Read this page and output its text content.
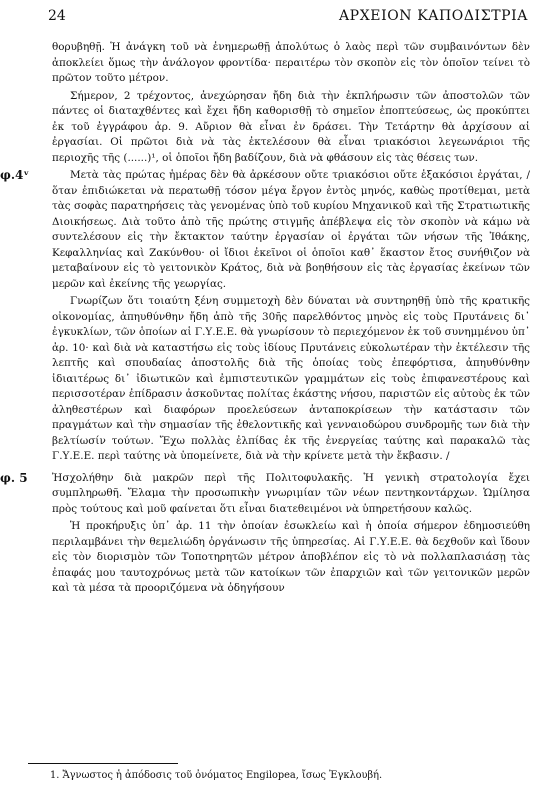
24	ΑΡΧΕΙΟΝ ΚΑΠΟΔΙΣΤΡΙΑ

θορυβηθῇ. Ἡ ἀνάγκη τοῦ νὰ ἐνημερωθῇ ἀπολύτως ὁ λαὸς περὶ τῶν συμβαινόντων δὲν ἀποκλείει ὅμως τὴν ἀνάλογον φροντίδα· περαιτέρω τὸν σκοπὸν εἰς τὸν ὁποῖον τείνει τὸ πρῶτον τοῦτο μέτρον.

Σήμερον, 2 τρέχοντος, ἀνεχώρησαν ἤδη διὰ τὴν ἐκπλήρωσιν τῶν ἀποστολῶν τῶν πάντες οἱ διαταχθέντες καὶ ἔχει ἤδη καθορισθῇ τὸ σημεῖον ἐποπτεύσεως, ὡς προκύπτει ἐκ τοῦ ἐγγράφου ἀρ. 9. Αὔριον θὰ εἶναι ἐν δράσει. Τὴν Τετάρτην θὰ ἀρχίσουν αἱ ἐργασίαι. Οἱ πρῶτοι διὰ νὰ τὰς ἐκτελέσουν θὰ εἶναι τριακόσιοι λεγεωνάριοι τῆς περιοχῆς τῆς (......)¹, οἱ ὁποῖοι ἤδη βαδίζουν, διὰ νὰ φθάσουν εἰς τὰς θέσεις των.

φ.4ᵛ	Μετὰ τὰς πρώτας ἡμέρας δὲν θὰ ἀρκέσουν οὔτε τριακόσιοι οὔτε ἑξακόσιοι ἐργάται, / ὅταν ἐπιδιώκεται νὰ περατωθῇ τόσον μέγα ἔργον ἐντὸς μηνός, καθὼς προτίθεμαι, μετὰ τὰς σοφὰς παρατηρήσεις τὰς γενομένας ὑπὸ τοῦ κυρίου Μηχανικοῦ καὶ τῆς Στρατιωτικῆς Διοικήσεως. Διὰ τοῦτο ἀπὸ τῆς πρώτης στιγμῆς ἀπέβλεψα εἰς τὸν σκοπὸν νὰ κάμω νὰ συντελέσουν εἰς τὴν ἔκτακτον ταύτην ἐργασίαν οἱ ἐργάται τῶν νήσων τῆς Ἰθάκης, Κεφαλληνίας καὶ Ζακύνθου· οἱ ἴδιοι ἐκεῖνοι οἱ ὁποῖοι καθ᾽ ἕκαστον ἔτος συνήθιζον νὰ μεταβαίνουν εἰς τὸ γειτονικὸν Κράτος, διὰ νὰ βοηθήσουν εἰς τὰς ἐργασίας ἐκείνων τῶν μερῶν καὶ ἐκείνης τῆς γεωργίας.

Γνωρίζων ὅτι τοιαύτη ξένη συμμετοχὴ δὲν δύναται νὰ συντηρηθῇ ὑπὸ τῆς κρατικῆς οἰκονομίας, ἀπηυθύνθην ἤδη ἀπὸ τῆς 30ῆς παρελθόντος μηνὸς εἰς τοὺς Πρυτάνεις δι᾽ ἐγκυκλίων, τῶν ὁποίων αἱ Γ.Υ.Ε.Ε. θὰ γνωρίσουν τὸ περιεχόμενον ἐκ τοῦ συνημμένου ὑπ᾽ ἀρ. 10· καὶ διὰ νὰ καταστήσω εἰς τοὺς ἰδίους Πρυτάνεις εὐκολωτέραν τὴν ἐκτέλεσιν τῆς λεπτῆς καὶ σπουδαίας ἀποστολῆς διὰ τῆς ὁποίας τοὺς ἐπεφόρτισα, ἀπηυθύνθην ἰδιαιτέρως δι᾽ ἰδιωτικῶν καὶ ἐμπιστευτικῶν γραμμάτων εἰς τοὺς ἐπιφανεστέρους καὶ περισσοτέραν ἐπίδρασιν ἀσκοῦντας πολίτας ἑκάστης νήσου, παριστῶν εἰς αὐτοὺς ἐκ τῶν ἀληθεστέρων καὶ διαφόρων προελεύσεων ἀνταποκρίσεων τὴν κατάστασιν τῶν πραγμάτων καὶ τὴν σημασίαν τῆς ἐθελοντικῆς καὶ γενναιοδώρου συνδρομῆς των διὰ τὴν βελτίωσίν τούτων. Ἔχω πολλὰς ἐλπίδας ἐκ τῆς ἐνεργείας ταύτης καὶ παρακαλῶ τὰς Γ.Υ.Ε.Ε. περὶ ταύτης νὰ ὑπομείνετε, διὰ νὰ τὴν κρίνετε μετὰ τὴν ἔκβασιν. /

φ. 5 Ἠσχολήθην διὰ μακρῶν περὶ τῆς Πολιτοφυλακῆς. Ἡ γενικὴ στρατολογία ἔχει συμπληρωθῆ. Ἔλαμα τὴν προσωπικὴν γνωριμίαν τῶν νέων πεντηκοντάρχων. Ὡμίλησα πρὸς τούτους καὶ μοῦ φαίνεται ὅτι εἶναι διατεθειμένοι νὰ ὑπηρετήσουν καλῶς.

Ἡ προκήρυξις ὑπ᾽ ἀρ. 11 τὴν ὁποίαν ἐσωκλείω καὶ ἡ ὁποία σήμερον ἐδημοσιεύθη περιλαμβάνει τὴν θεμελιώδη ὀργάνωσιν τῆς ὑπηρεσίας. Αἱ Γ.Υ.Ε.Ε. θὰ δεχθοῦν καὶ ἴδουν εἰς τὸν διορισμὸν τῶν Τοποτηρητῶν μέτρον ἀποβλέπον εἰς τὸ νὰ πολλαπλασιάσῃ τὰς ἐπαφάς μου ταυτοχρόνως μετὰ τῶν κατοίκων τῶν ἐπαρχιῶν καὶ τῶν γειτονικῶν μερῶν καὶ τὰ μέσα τὰ προοριζόμενα νὰ ὁδηγήσουν

1. Ἄγνωστος ἡ ἀπόδοσις τοῦ ὀνόματος Engilopea, ἴσως Ἐγκλουβή.
